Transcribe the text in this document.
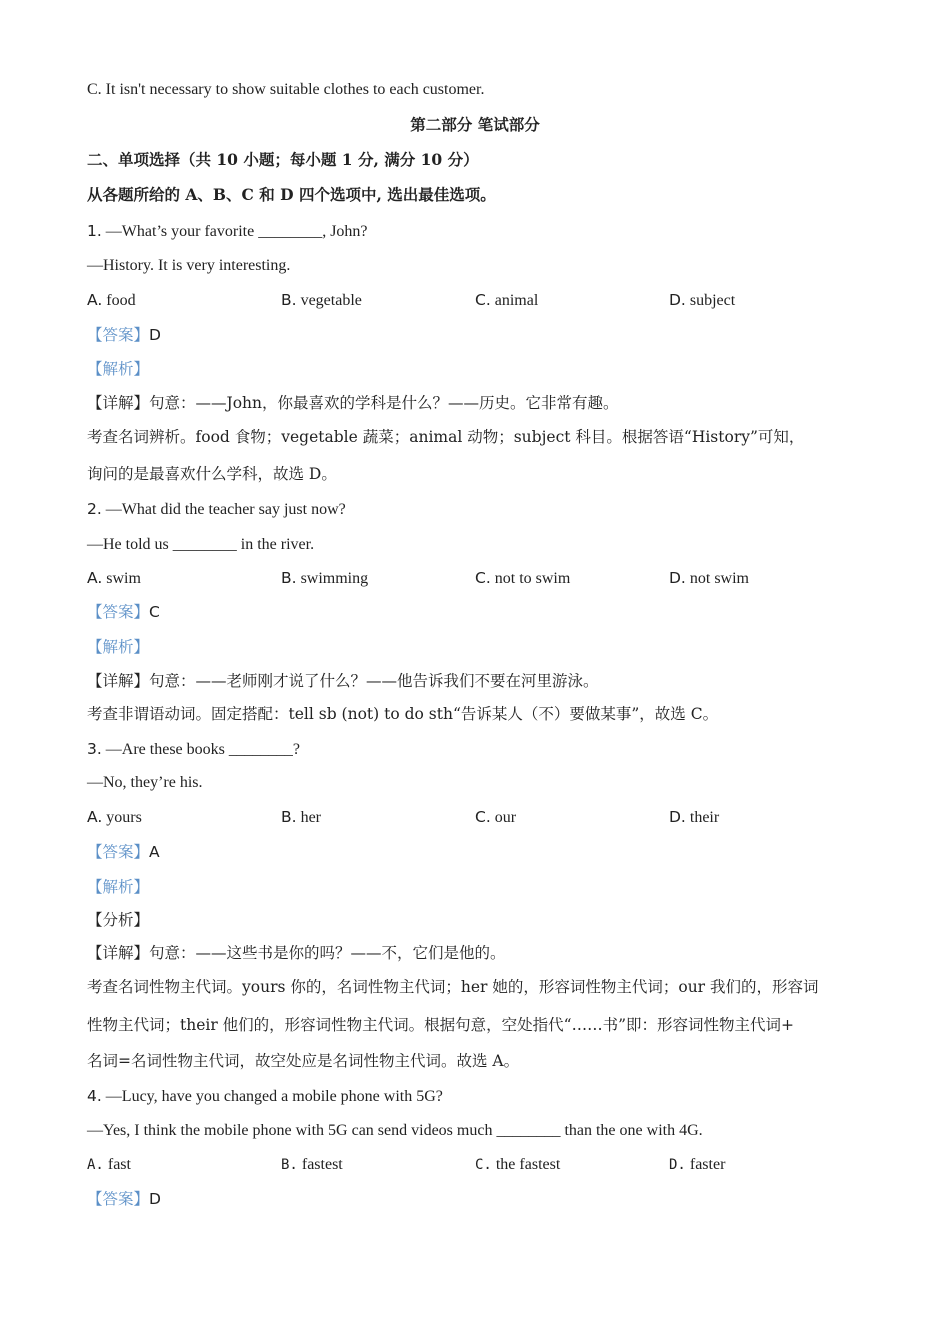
C. It isn't necessary to show suitable clothes to each customer.
第二部分 笔试部分
二、单项选择（共 10 小题；每小题 1 分, 满分 10 分）
从各题所给的 A、B、C 和 D 四个选项中, 选出最佳选项。
1. —What’s your favorite ________, John?
—History. It is very interesting.
A. food	B. vegetable	C. animal	D. subject
【答案】D
【解析】
【详解】句意：——John，你最喜欢的学科是什么？——历史。它非常有趣。
考查名词辨析。food 食物；vegetable 蔬菜；animal 动物；subject 科目。根据答语“History”可知，
询问的是最喜欢什么学科，故选 D。
2. —What did the teacher say just now?
—He told us ________ in the river.
A. swim	B. swimming	C. not to swim	D. not swim
【答案】C
【解析】
【详解】句意：——老师刚才说了什么？——他告诉我们不要在河里游泳。
考查非谓语动词。固定搭配：tell sb (not) to do sth“告诉某人（不）要做某事”，故选 C。
3. —Are these books ________?
—No, they’re his.
A. yours	B. her	C. our	D. their
【答案】A
【解析】
【分析】
【详解】句意：——这些书是你的吗？——不，它们是他的。
考查名词性物主代词。yours 你的，名词性物主代词；her 她的，形容词性物主代词；our 我们的，形容词
性物主代词；their 他们的，形容词性物主代词。根据句意，空处指代“……书”即：形容词性物主代词+
名词=名词性物主代词，故空处应是名词性物主代词。故选 A。
4. —Lucy, have you changed a mobile phone with 5G?
—Yes, I think the mobile phone with 5G can send videos much ________ than the one with 4G.
A. fast	B. fastest	C. the fastest	D. faster
【答案】D
